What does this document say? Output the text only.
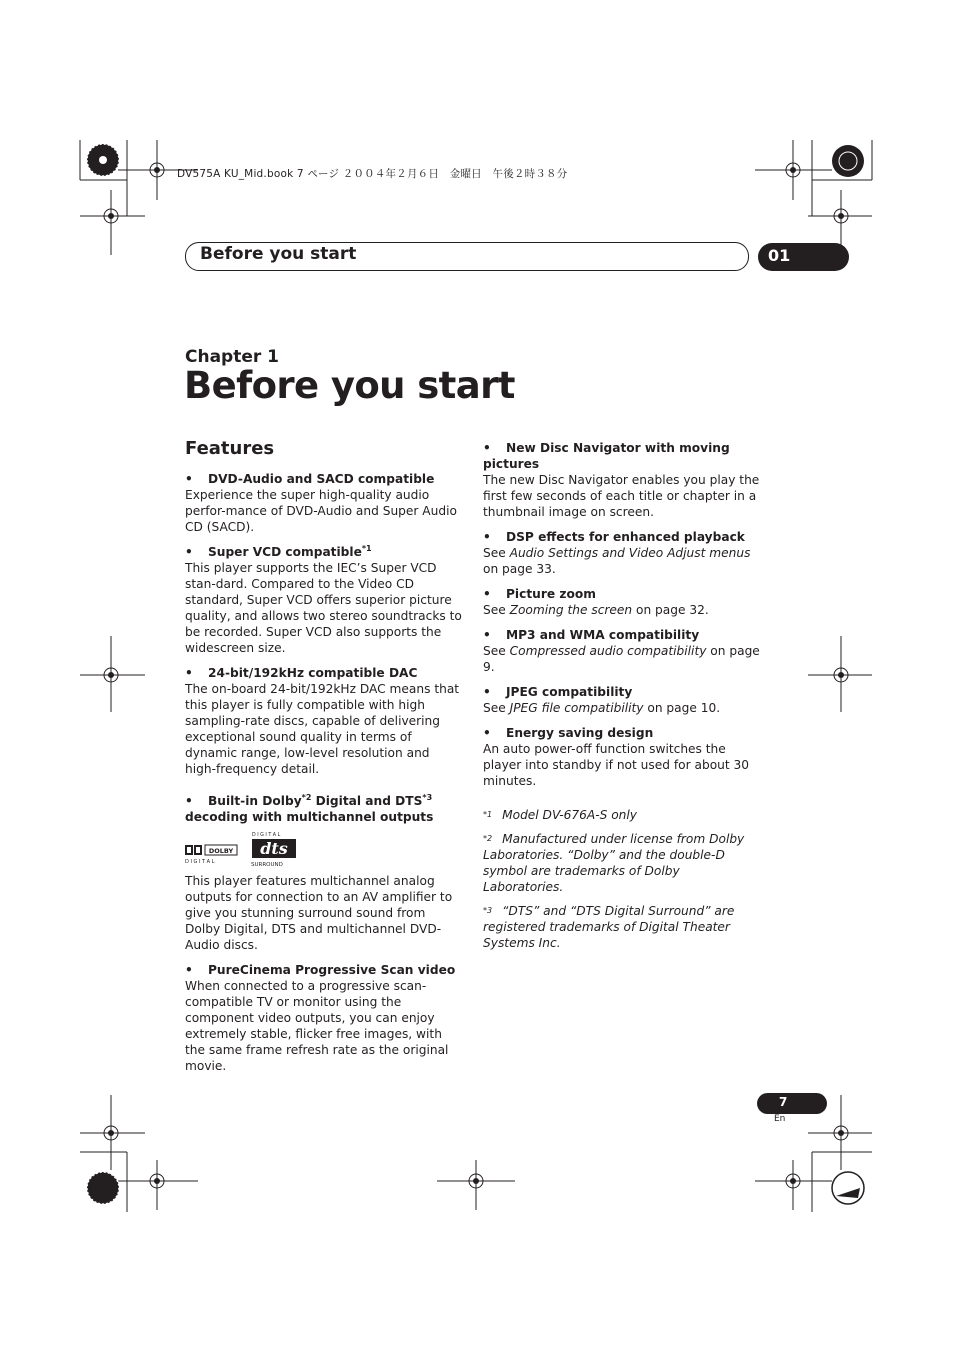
DV575A KU_Mid.book 7 ページ ２００４年２月６日　金曜日　午後２時３８分
Before you start	01
Chapter 1
Before you start
Features
• DVD-Audio and SACD compatible
Experience the super high-quality audio perfor-mance of DVD-Audio and Super Audio CD (SACD).
• Super VCD compatible$^{*1}$
This player supports the IEC’s Super VCD stan-dard. Compared to the Video CD standard, Super VCD offers superior picture quality, and allows two stereo soundtracks to be recorded. Super VCD also supports the widescreen size.
• 24-bit/192kHz compatible DAC
The on-board 24-bit/192kHz DAC means that this player is fully compatible with high sampling-rate discs, capable of delivering exceptional sound quality in terms of dynamic range, low-level resolution and high-frequency detail.
• Built-in Dolby$^{*2}$ Digital and DTS$^{*3}$ decoding with multichannel outputs
DOLBY
D I G I T A L
D I G I T A L
dts
SURROUND
This player features multichannel analog outputs for connection to an AV amplifier to give you stunning surround sound from Dolby Digital, DTS and multichannel DVD-Audio discs.
• PureCinema Progressive Scan video
When connected to a progressive scan-compatible TV or monitor using the component video outputs, you can enjoy extremely stable, flicker free images, with the same frame refresh rate as the original movie.
• New Disc Navigator with moving pictures
The new Disc Navigator enables you play the first few seconds of each title or chapter in a thumbnail image on screen.
• DSP effects for enhanced playback
See Audio Settings and Video Adjust menus on page 33.
• Picture zoom
See Zooming the screen on page 32.
• MP3 and WMA compatibility
See Compressed audio compatibility on page 9.
• JPEG compatibility
See JPEG file compatibility on page 10.
• Energy saving design
An auto power-off function switches the player into standby if not used for about 30 minutes.
$^{*1}$ Model DV-676A-S only
$^{*2}$ Manufactured under license from Dolby Laboratories. “Dolby” and the double-D symbol are trademarks of Dolby Laboratories.
$^{*3}$ “DTS” and “DTS Digital Surround” are registered trademarks of Digital Theater Systems Inc.
7
En
